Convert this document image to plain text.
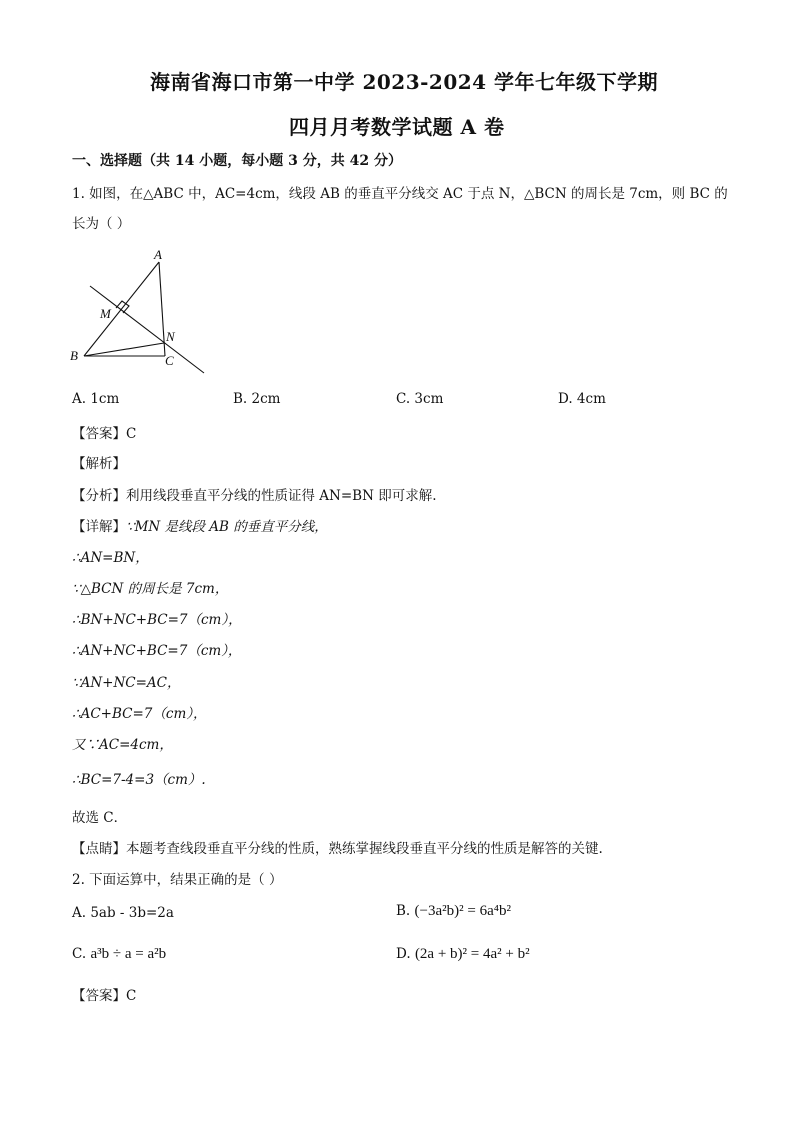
海南省海口市第一中学 2023-2024 学年七年级下学期
四月月考数学试题 A 卷
一、选择题（共 14 小题，每小题 3 分，共 42 分）
1. 如图，在△ABC 中，AC=4cm，线段 AB 的垂直平分线交 AC 于点 N，△BCN 的周长是 7cm，则 BC 的
长为（ ）
A
M
N
B	C
A. 1cm	B. 2cm	C. 3cm	D. 4cm
【答案】C
【解析】
【分析】利用线段垂直平分线的性质证得 AN=BN 即可求解.
【详解】∵MN 是线段 AB 的垂直平分线，
∴AN=BN，
∵△BCN 的周长是 7cm，
∴BN+NC+BC=7（cm），
∴AN+NC+BC=7（cm），
∵AN+NC=AC，
∴AC+BC=7（cm），
又∵AC=4cm，
∴BC=7-4=3（cm）.
故选 C．
【点睛】本题考查线段垂直平分线的性质，熟练掌握线段垂直平分线的性质是解答的关键.
2. 下面运算中，结果正确的是（ ）
A. 5ab - 3b=2a	B. (−3a²b)² = 6a⁴b²
C. a³b ÷ a = a²b	D. (2a + b)² = 4a² + b²
【答案】C
